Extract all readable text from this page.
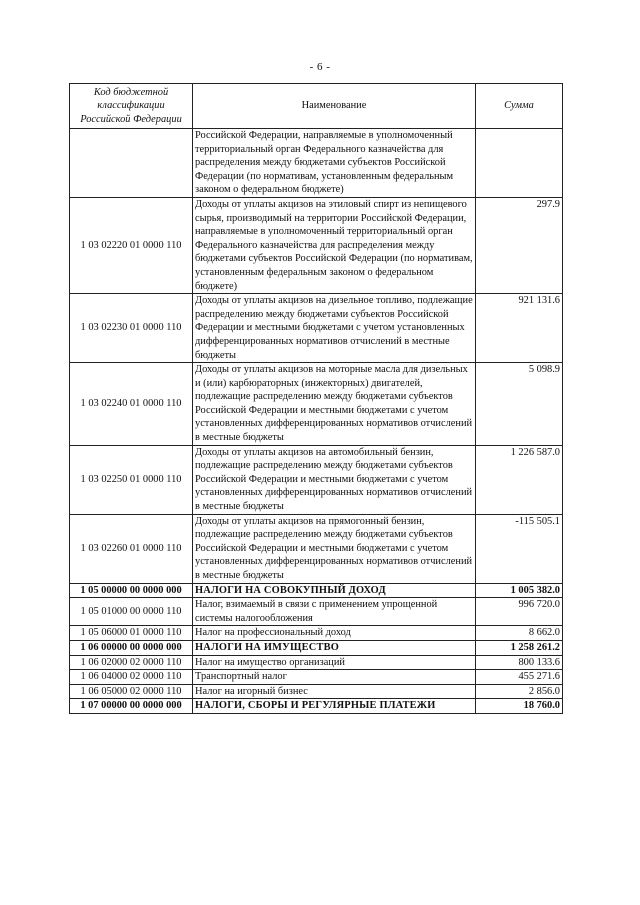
- 6 -
Код бюджетной классификации Российской Федерации	Наименование	Сумма
	Российской Федерации, направляемые в уполномоченный территориальный орган Федерального казначейства для распределения между бюджетами субъектов Российской Федерации (по нормативам, установленным федеральным законом о федеральном бюджете)	
1 03 02220 01 0000 110	Доходы от уплаты акцизов на этиловый спирт из непищевого сырья, производимый на территории Российской Федерации, направляемые в уполномоченный территориальный орган Федерального казначейства для распределения между бюджетами субъектов Российской Федерации (по нормативам, установленным федеральным законом о федеральном бюджете)	297.9
1 03 02230 01 0000 110	Доходы от уплаты акцизов на дизельное топливо, подлежащие распределению между бюджетами субъектов Российской Федерации и местными бюджетами с учетом установленных дифференцированных нормативов отчислений в местные бюджеты	921 131.6
1 03 02240 01 0000 110	Доходы от уплаты акцизов на моторные масла для дизельных и (или) карбюраторных (инжекторных) двигателей, подлежащие распределению между бюджетами субъектов Российской Федерации и местными бюджетами с учетом установленных дифференцированных нормативов отчислений в местные бюджеты	5 098.9
1 03 02250 01 0000 110	Доходы от уплаты акцизов на автомобильный бензин, подлежащие распределению между бюджетами субъектов Российской Федерации и местными бюджетами с учетом установленных дифференцированных нормативов отчислений в местные бюджеты	1 226 587.0
1 03 02260 01 0000 110	Доходы от уплаты акцизов на прямогонный бензин, подлежащие распределению между бюджетами субъектов Российской Федерации и местными бюджетами с учетом установленных дифференцированных нормативов отчислений в местные бюджеты	-115 505.1
1 05 00000 00 0000 000	НАЛОГИ НА СОВОКУПНЫЙ ДОХОД	1 005 382.0
1 05 01000 00 0000 110	Налог, взимаемый в связи с применением упрощенной системы налогообложения	996 720.0
1 05 06000 01 0000 110	Налог на профессиональный доход	8 662.0
1 06 00000 00 0000 000	НАЛОГИ НА ИМУЩЕСТВО	1 258 261.2
1 06 02000 02 0000 110	Налог на имущество организаций	800 133.6
1 06 04000 02 0000 110	Транспортный налог	455 271.6
1 06 05000 02 0000 110	Налог на игорный бизнес	2 856.0
1 07 00000 00 0000 000	НАЛОГИ, СБОРЫ И РЕГУЛЯРНЫЕ ПЛАТЕЖИ	18 760.0
